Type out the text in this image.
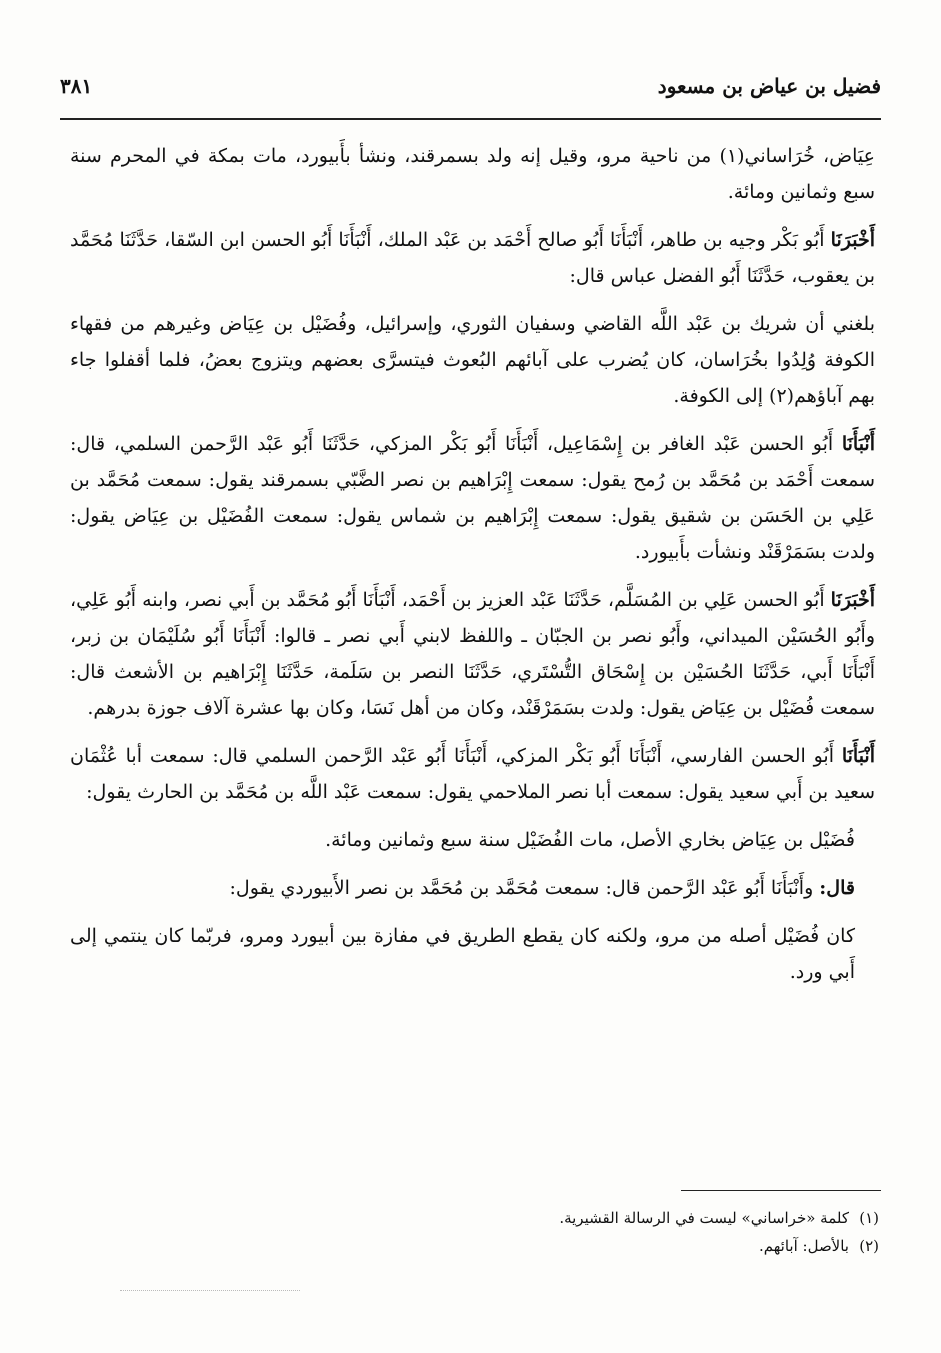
فضيل بن عياض بن مسعود
٣٨١

عِيَاض، خُرَاساني(١) من ناحية مرو، وقيل إنه ولد بسمرقند، ونشأ بأَبيورد، مات بمكة في المحرم سنة سبع وثمانين ومائة.

أَخْبَرَنَا أَبُو بَكْر وجيه بن طاهر، أَنْبَأَنَا أَبُو صالح أَحْمَد بن عَبْد الملك، أَنْبَأَنَا أَبُو الحسن ابن السّقا، حَدَّثَنَا مُحَمَّد بن يعقوب، حَدَّثَنَا أَبُو الفضل عباس قال:

بلغني أن شريك بن عَبْد اللَّه القاضي وسفيان الثوري، وإسرائيل، وفُضَيْل بن عِيَاض وغيرهم من فقهاء الكوفة وُلِدُوا بخُرَاسان، كان يُضرب على آبائهم البُعوث فيتسرَّى بعضهم ويتزوج بعضُ، فلما أقفلوا جاء بهم آباؤهم(٢) إلى الكوفة.

أَنْبَأَنَا أَبُو الحسن عَبْد الغافر بن إِسْمَاعِيل، أَنْبَأَنَا أَبُو بَكْر المزكي، حَدَّثَنَا أَبُو عَبْد الرَّحمن السلمي، قال: سمعت أَحْمَد بن مُحَمَّد بن رُمح يقول: سمعت إِبْرَاهيم بن نصر الضَّبّي بسمرقند يقول: سمعت مُحَمَّد بن عَلِي بن الحَسَن بن شقيق يقول: سمعت إِبْرَاهيم بن شماس يقول: سمعت الفُضَيْل بن عِيَاض يقول: ولدت بسَمَرْقَنْد ونشأت بأَبيورد.

أَخْبَرَنَا أَبُو الحسن عَلِي بن المُسَلَّم، حَدَّثَنَا عَبْد العزيز بن أَحْمَد، أَنْبَأَنَا أَبُو مُحَمَّد بن أَبي نصر، وابنه أَبُو عَلِي، وأَبُو الحُسَيْن الميداني، وأَبُو نصر بن الجبّان ـ واللفظ لابني أَبي نصر ـ قالوا: أَنْبَأَنَا أَبُو سُلَيْمَان بن زبر، أَنْبَأَنَا أَبي، حَدَّثَنَا الحُسَيْن بن إِسْحَاق التُّسْتَري، حَدَّثَنَا النصر بن سَلَمة، حَدَّثَنَا إِبْرَاهيم بن الأشعث قال: سمعت فُضَيْل بن عِيَاض يقول: ولدت بسَمَرْقَنْد، وكان من أهل نَسَا، وكان بها عشرة آلاف جوزة بدرهم.

أَنْبَأَنَا أَبُو الحسن الفارسي، أَنْبَأَنَا أَبُو بَكْر المزكي، أَنْبَأَنَا أَبُو عَبْد الرَّحمن السلمي قال: سمعت أبا عُثْمَان سعيد بن أَبي سعيد يقول: سمعت أبا نصر الملاحمي يقول: سمعت عَبْد اللَّه بن مُحَمَّد بن الحارث يقول:

فُضَيْل بن عِيَاض بخاري الأصل، مات الفُضَيْل سنة سبع وثمانين ومائة.

قال: وأَنْبَأَنَا أَبُو عَبْد الرَّحمن قال: سمعت مُحَمَّد بن مُحَمَّد بن نصر الأَبيوردي يقول:

كان فُضَيْل أصله من مرو، ولكنه كان يقطع الطريق في مفازة بين أبيورد ومرو، فربّما كان ينتمي إلى أَبي ورد.

(١)كلمة «خراساني» ليست في الرسالة القشيرية.
(٢)بالأصل: آبائهم.
